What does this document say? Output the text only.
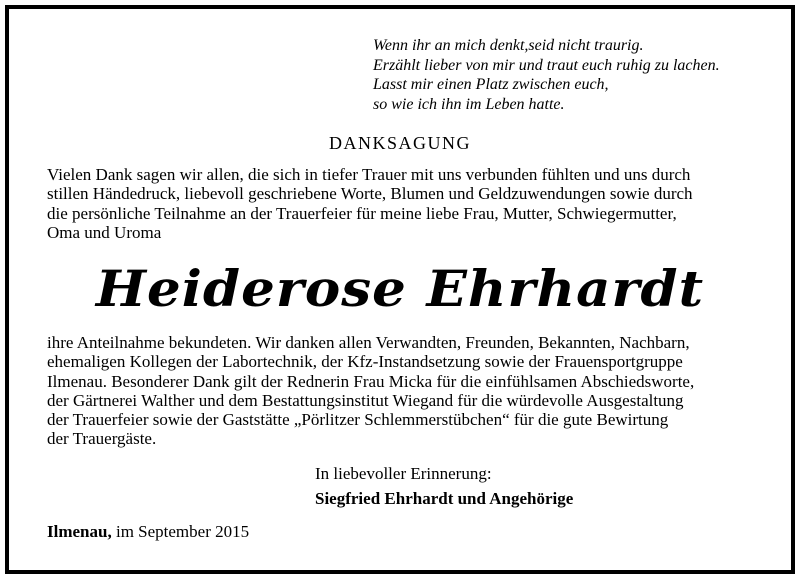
Wenn ihr an mich denkt,seid nicht traurig.
Erzählt lieber von mir und traut euch ruhig zu lachen.
Lasst mir einen Platz zwischen euch,
so wie ich ihn im Leben hatte.
DANKSAGUNG
Vielen Dank sagen wir allen, die sich in tiefer Trauer mit uns verbunden fühlten und uns durch
stillen Händedruck, liebevoll geschriebene Worte, Blumen und Geldzuwendungen sowie durch
die persönliche Teilnahme an der Trauerfeier für meine liebe Frau, Mutter, Schwiegermutter,
Oma und Uroma
Heiderose Ehrhardt
ihre Anteilnahme bekundeten. Wir danken allen Verwandten, Freunden, Bekannten, Nachbarn,
ehemaligen Kollegen der Labortechnik, der Kfz-Instandsetzung sowie der Frauensportgruppe
Ilmenau. Besonderer Dank gilt der Rednerin Frau Micka für die einfühlsamen Abschiedsworte,
der Gärtnerei Walther und dem Bestattungsinstitut Wiegand für die würdevolle Ausgestaltung
der Trauerfeier sowie der Gaststätte „Pörlitzer Schlemmerstübchen“ für die gute Bewirtung
der Trauergäste.
In liebevoller Erinnerung:
Siegfried Ehrhardt und Angehörige
Ilmenau, im September 2015
